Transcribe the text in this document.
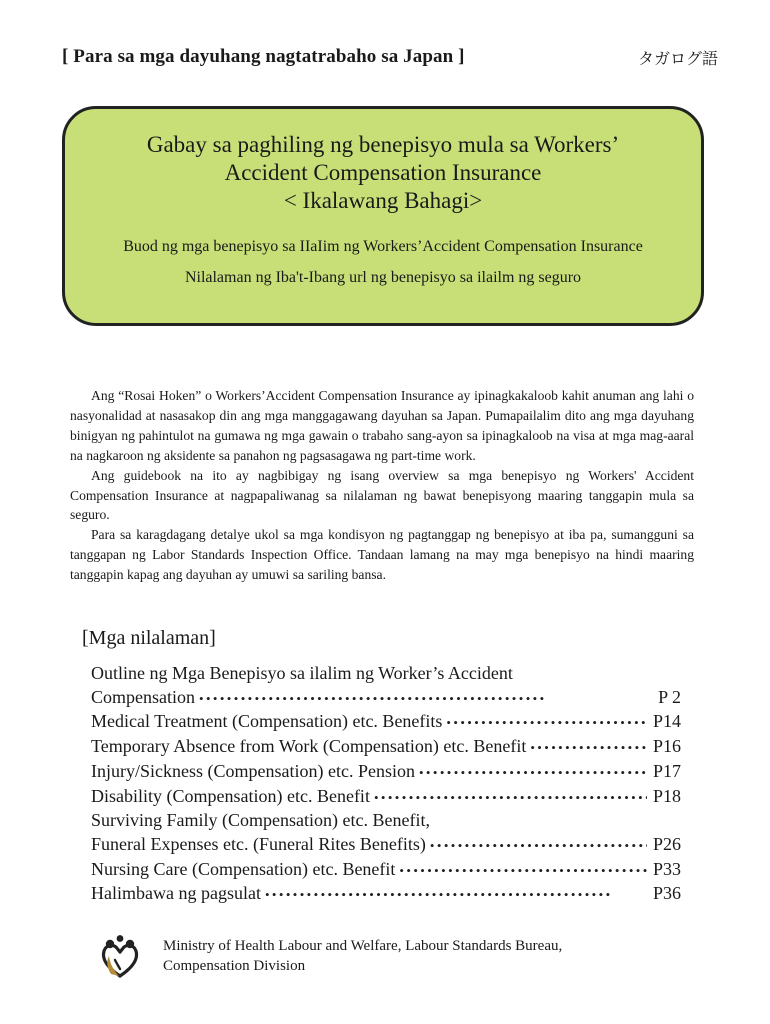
[ Para sa mga dayuhang nagtatrabaho sa Japan ]	タガログ語
Gabay sa paghiling ng benepisyo mula sa Workers’
Accident Compensation Insurance
< Ikalawang Bahagi>
Buod ng mga benepisyo sa IIaIim ng Workers’Accident Compensation Insurance
Nilalaman ng Iba't-Ibang url ng benepisyo sa ilailm ng seguro

Ang “Rosai Hoken” o Workers’Accident Compensation Insurance ay ipinagkakaloob kahit anuman ang lahi o nasyonalidad at nasasakop din ang mga manggagawang dayuhan sa Japan. Pumapailalim dito ang mga dayuhang binigyan ng pahintulot na gumawa ng mga gawain o trabaho sang-ayon sa ipinagkaloob na visa at mga mag-aaral na nagkaroon ng aksidente sa panahon ng pagsasagawa ng part-time work.

Ang guidebook na ito ay nagbibigay ng isang overview sa mga benepisyo ng Workers' Accident Compensation Insurance at nagpapaliwanag sa nilalaman ng bawat benepisyong maaring tanggapin mula sa seguro.

Para sa karagdagang detalye ukol sa mga kondisyon ng pagtanggap ng benepisyo at iba pa, sumangguni sa tanggapan ng Labor Standards Inspection Office. Tandaan lamang na may mga benepisyo na hindi maaring tanggapin kapag ang dayuhan ay umuwi sa sariling bansa.

[Mga nilalaman]
Outline ng Mga Benepisyo sa ilalim ng Worker’s Accident
Compensation •••••	P 2
Medical Treatment (Compensation) etc. Benefits •••••	P14
Temporary Absence from Work (Compensation) etc. Benefit •••••	P16
Injury/Sickness (Compensation) etc. Pension •••••	P17
Disability (Compensation) etc. Benefit •••••	P18
Surviving Family (Compensation) etc. Benefit,
Funeral Expenses etc. (Funeral Rites Benefits) •••••	P26
Nursing Care (Compensation) etc. Benefit •••••	P33
Halimbawa ng pagsulat •••••	P36
Ministry of Health Labour and Welfare, Labour Standards Bureau,
Compensation Division
